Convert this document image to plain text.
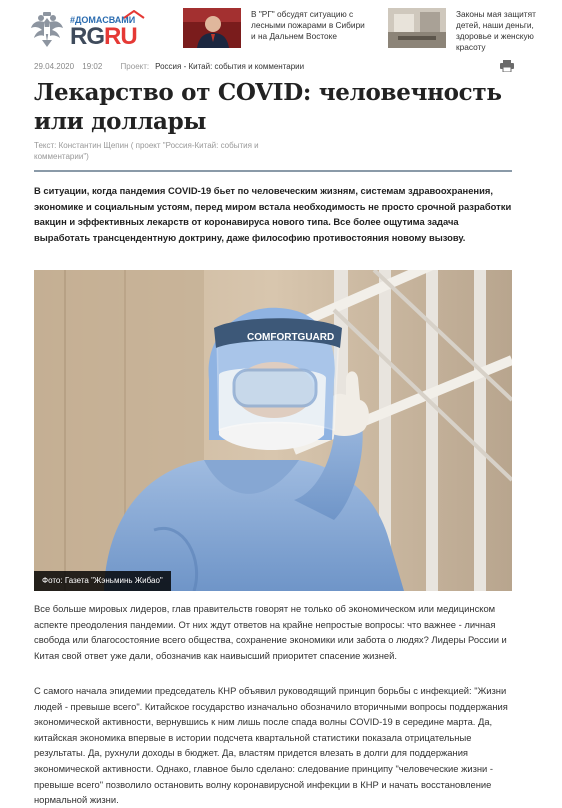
#ДОМАСВАМИ
RGRU
В "РГ" обсудят ситуацию с лесными пожарами в Сибири и на Дальнем Востоке
Законы мая защитят детей, наши деньги, здоровье и женскую красоту
29.04.2020 19:02 Проект: Россия - Китай: события и комментарии
Лекарство от COVID: человечность или доллары
Текст: Константин Щепин ( проект "Россия-Китай: события и комментарии")

В ситуации, когда пандемия COVID-19 бьет по человеческим жизням, системам здравоохранения, экономике и социальным устоям, перед миром встала необходимость не просто срочной разработки вакцин и эффективных лекарств от коронавируса нового типа. Все более ощутима задача выработать трансцендентную доктрину, даже философию противостояния новому вызову.

COMFORTGUARD
Фото: Газета "Жэньминь Жибао"

Все больше мировых лидеров, глав правительств говорят не только об экономическом или медицинском аспекте преодоления пандемии. От них ждут ответов на крайне непростые вопросы: что важнее - личная свобода или благосостояние всего общества, сохранение экономики или забота о людях? Лидеры России и Китая свой ответ уже дали, обозначив как наивысший приоритет спасение жизней.

С самого начала эпидемии председатель КНР объявил руководящий принцип борьбы с инфекцией: "Жизни людей - превыше всего". Китайское государство изначально обозначило вторичными вопросы поддержания экономической активности, вернувшись к ним лишь после спада волны COVID-19 в середине марта. Да, китайская экономика впервые в истории подсчета квартальной статистики показала отрицательные результаты. Да, рухнули доходы в бюджет. Да, властям придется влезать в долги для поддержания экономической активности. Однако, главное было сделано: следование принципу "человеческие жизни - превыше всего" позволило остановить волну коронавирусной инфекции в КНР и начать восстановление нормальной жизни.
